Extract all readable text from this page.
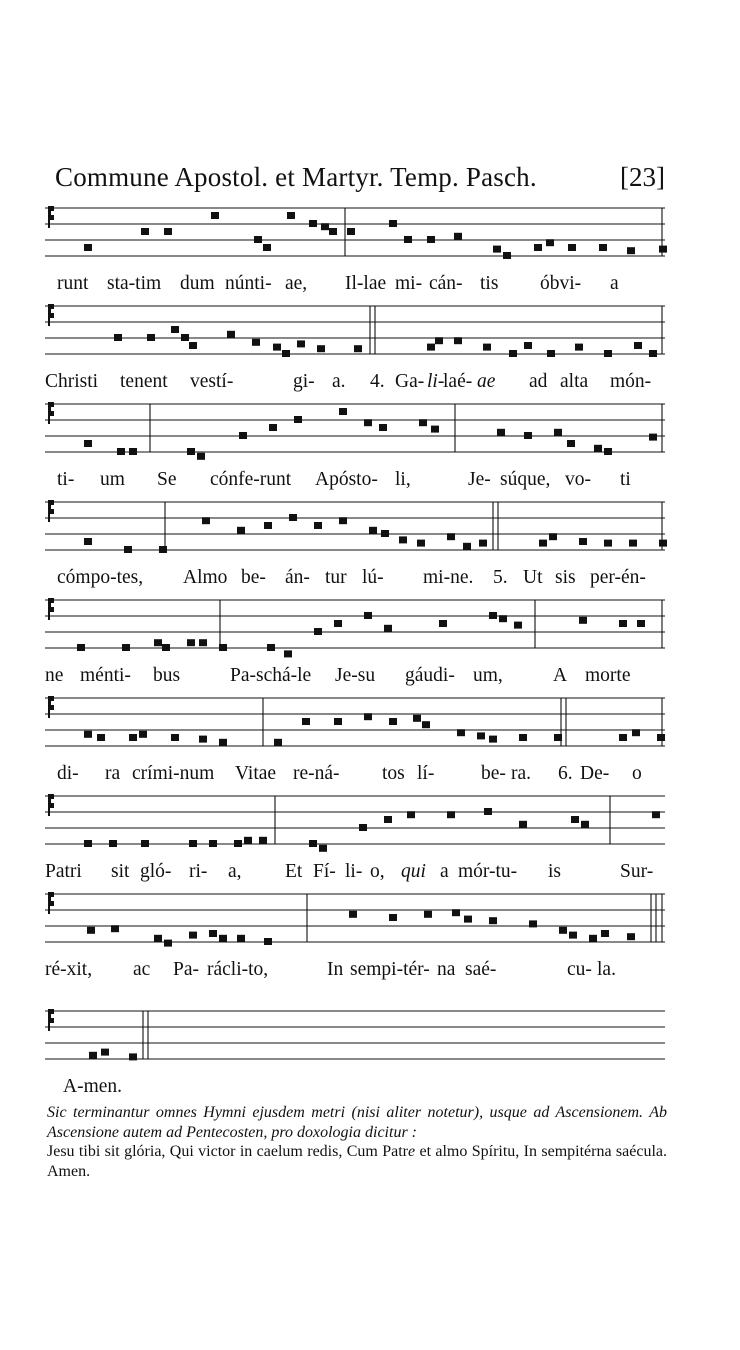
Commune Apostol. et Martyr. Temp. Pasch.	[23]
runt sta-tim dum núnti- ae, Il-lae mi- cán- tis óbvi- a
Christi tenent vestí-	gi- a. 4. Ga- li-
laé- ae ad alta món-
ti- um Se cónfe-runt Apósto- li,	Je- súque, vo- ti
cómpo-tes, Almo be- án- tur lú- mi-ne. 5. Ut sis per-én-
ne ménti- bus	Pa-schá-le Je-su gáudi- um,	A morte
di- ra crími-num Vitae re-ná- tos lí- be- ra. 6. De- o
Patri sit gló- ri- a, Et Fí- li- o, qui a mór-tu- is	Sur-
ré-xit, ac Pa- rácli-to,	In sempi-tér- na saé-	cu- la.
A-men.

Sic terminantur omnes Hymni ejusdem metri (nisi aliter notetur), usque ad Ascensionem. Ab Ascensione autem ad Pentecosten, pro doxologia dicitur :

Jesu tibi sit glória, Qui victor in caelum redis, Cum Patre et almo Spíritu, In sempitérna saécula. Amen.
